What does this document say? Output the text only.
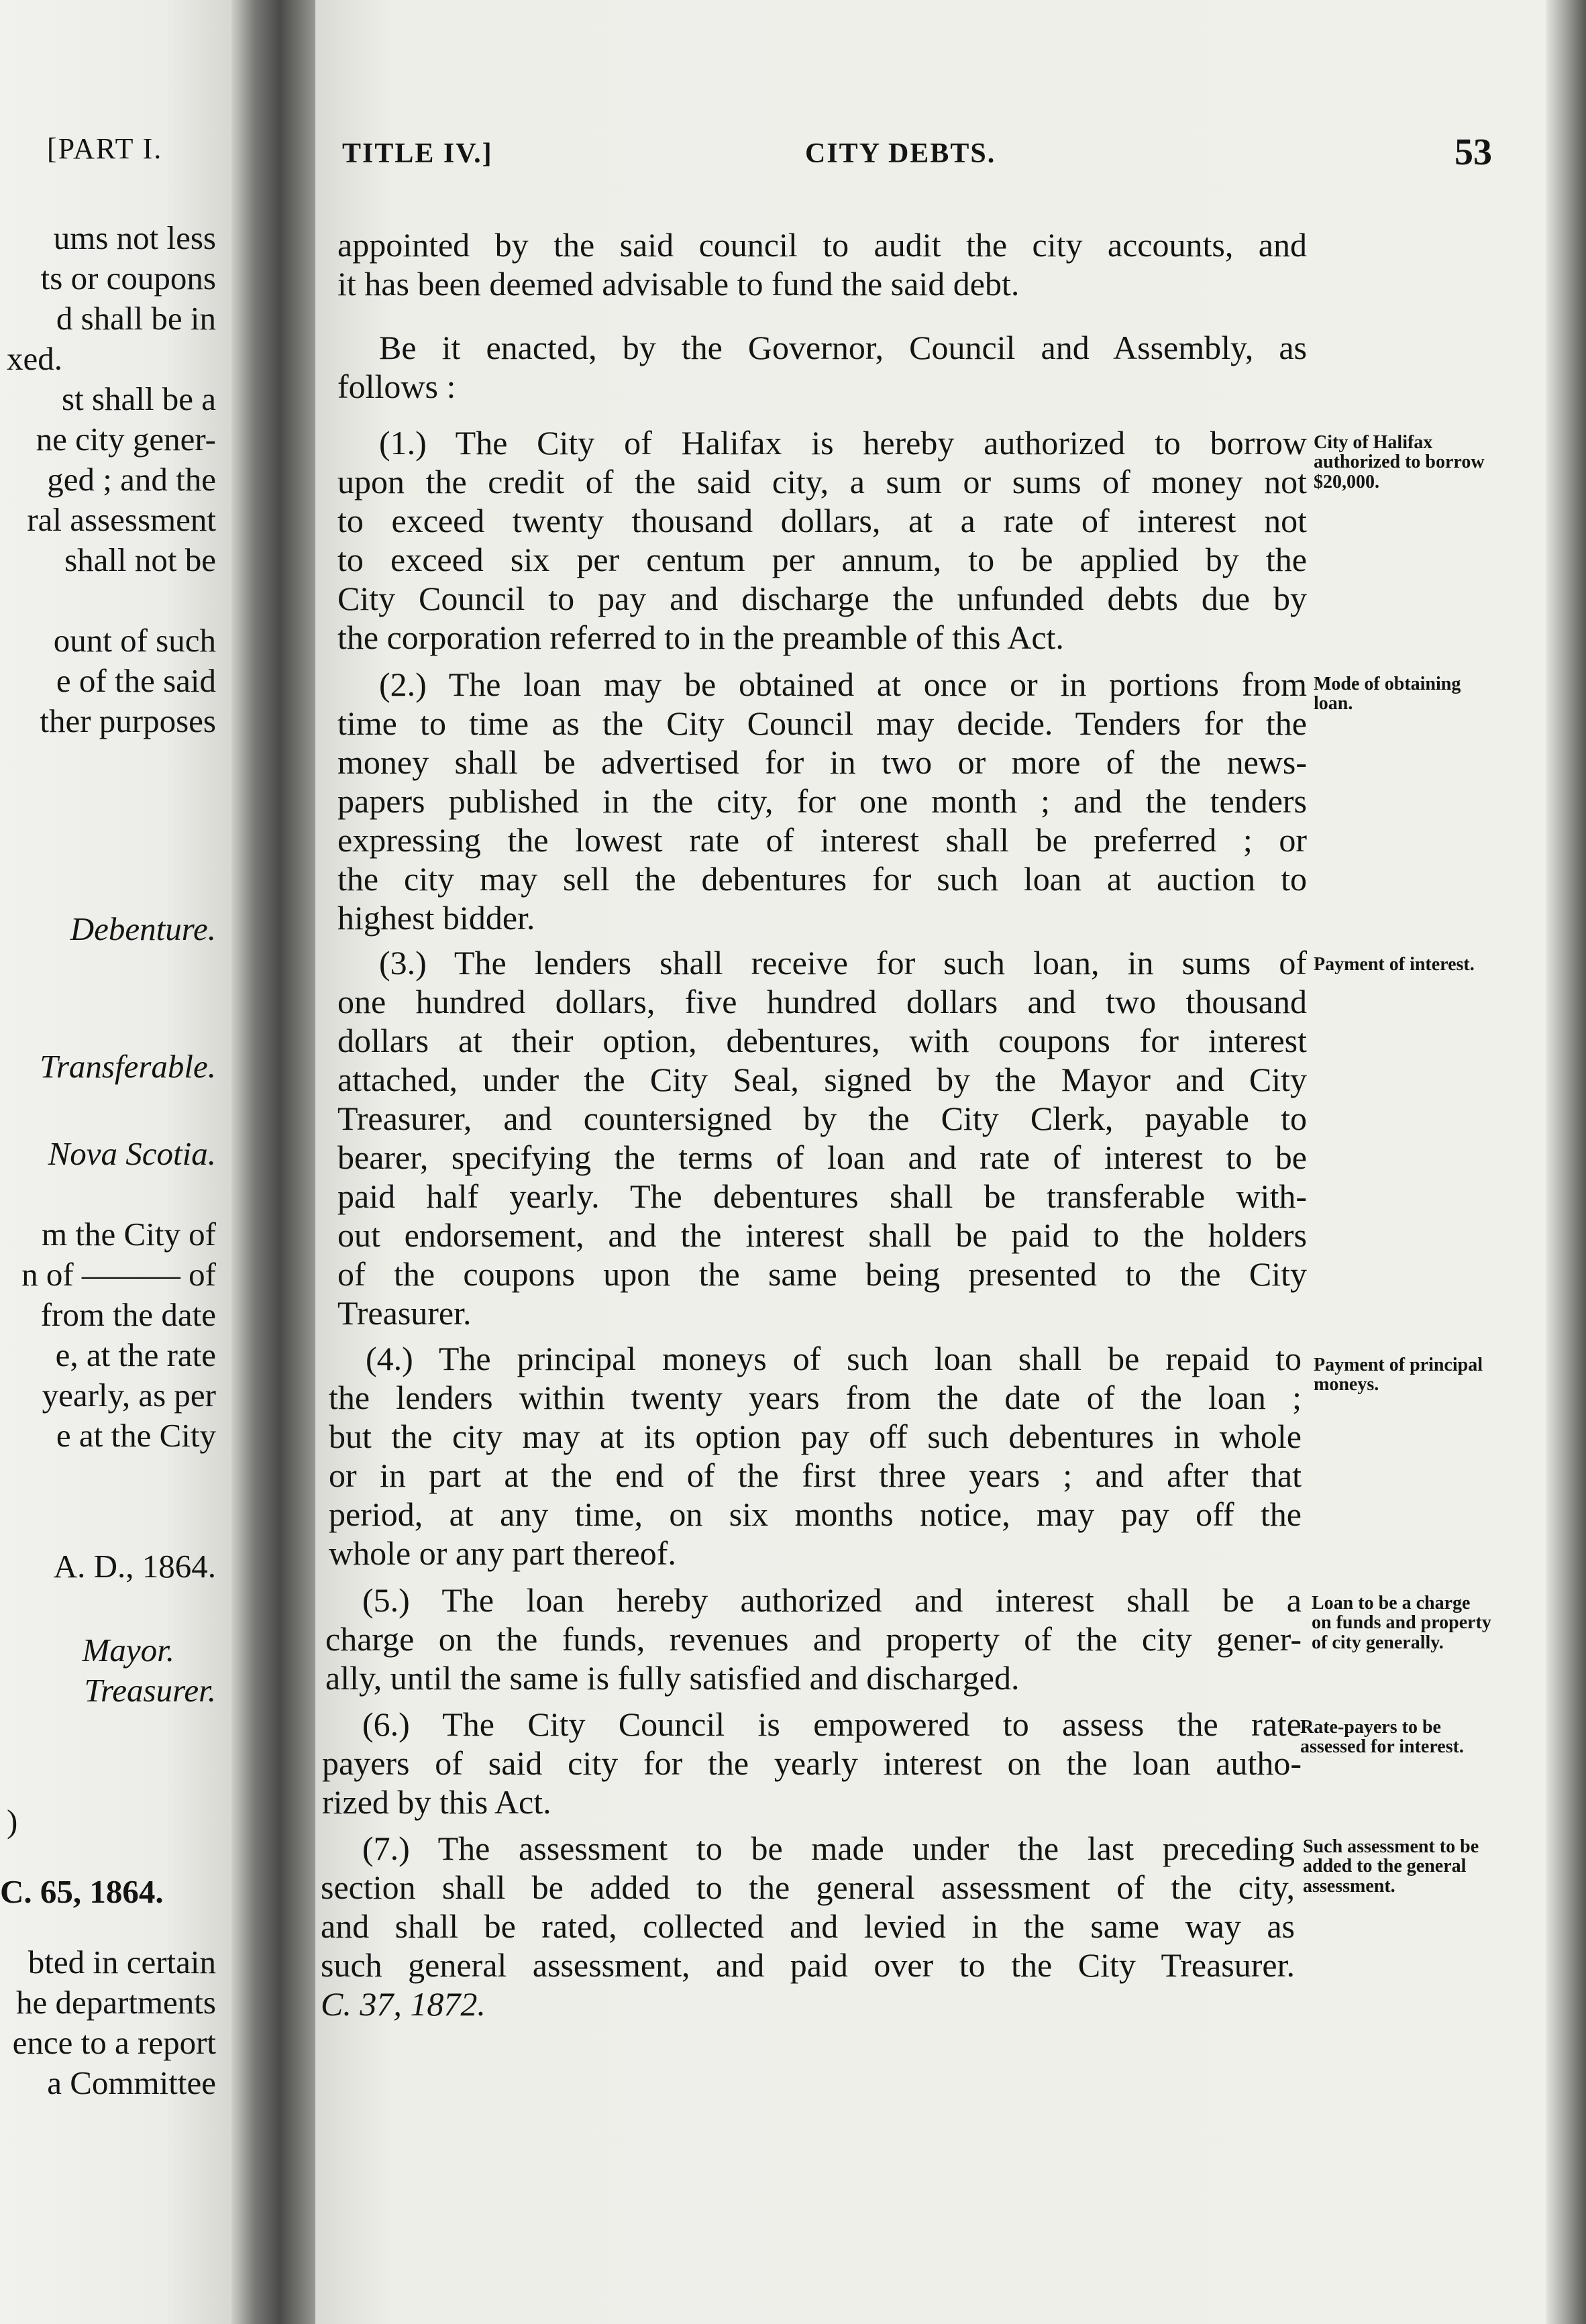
[PART I.
ums not less
ts or coupons
d shall be in
xed.
st shall be a
ne city gener-
ged ; and the
ral assessment
shall not be
ount of such
e of the said
ther purposes
Debenture.
Transferable.
Nova Scotia.
m the City of
n of ——— of
from the date
e, at the rate
yearly, as per
e at the City
A. D., 1864.
Mayor.
Treasurer.
)
C. 65, 1864.
bted in certain
he departments
ence to a report
a Committee
TITLE IV.]	CITY DEBTS.	53
appointed by the said council to audit the city accounts, and
it has been deemed advisable to fund the said debt.
Be it enacted, by the Governor, Council and Assembly, as
follows :
(1.) The City of Halifax is hereby authorized to borrow
upon the credit of the said city, a sum or sums of money not
to exceed twenty thousand dollars, at a rate of interest not
to exceed six per centum per annum, to be applied by the
City Council to pay and discharge the unfunded debts due by
the corporation referred to in the preamble of this Act.
(2.) The loan may be obtained at once or in portions from
time to time as the City Council may decide. Tenders for the
money shall be advertised for in two or more of the news-
papers published in the city, for one month ; and the tenders
expressing the lowest rate of interest shall be preferred ; or
the city may sell the debentures for such loan at auction to
highest bidder.
(3.) The lenders shall receive for such loan, in sums of
one hundred dollars, five hundred dollars and two thousand
dollars at their option, debentures, with coupons for interest
attached, under the City Seal, signed by the Mayor and City
Treasurer, and countersigned by the City Clerk, payable to
bearer, specifying the terms of loan and rate of interest to be
paid half yearly. The debentures shall be transferable with-
out endorsement, and the interest shall be paid to the holders
of the coupons upon the same being presented to the City
Treasurer.
(4.) The principal moneys of such loan shall be repaid to
the lenders within twenty years from the date of the loan ;
but the city may at its option pay off such debentures in whole
or in part at the end of the first three years ; and after that
period, at any time, on six months notice, may pay off the
whole or any part thereof.
(5.) The loan hereby authorized and interest shall be a
charge on the funds, revenues and property of the city gener-
ally, until the same is fully satisfied and discharged.
(6.) The City Council is empowered to assess the rate
payers of said city for the yearly interest on the loan autho-
rized by this Act.
(7.) The assessment to be made under the last preceding
section shall be added to the general assessment of the city,
and shall be rated, collected and levied in the same way as
such general assessment, and paid over to the City Treasurer.
C. 37, 1872.
City of Halifax authorized to borrow $20,000.
Mode of obtaining loan.
Payment of interest.
Payment of principal moneys.
Loan to be a charge on funds and property of city generally.
Rate-payers to be assessed for interest.
Such assessment to be added to the general assessment.
